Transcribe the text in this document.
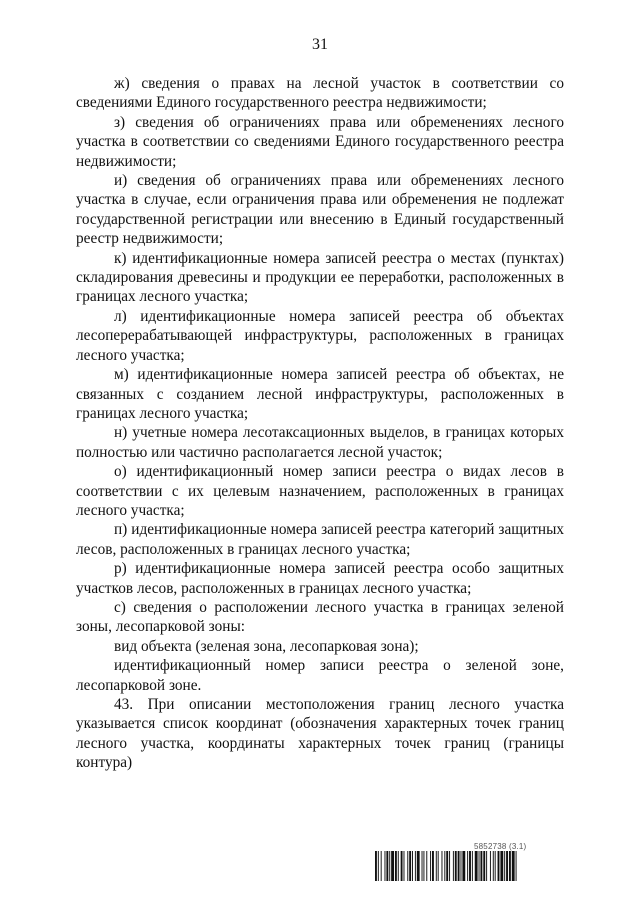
31

ж) сведения о правах на лесной участок в соответствии со сведениями Единого государственного реестра недвижимости;

з) сведения об ограничениях права или обременениях лесного участка в соответствии со сведениями Единого государственного реестра недвижимости;

и) сведения об ограничениях права или обременениях лесного участка в случае, если ограничения права или обременения не подлежат государственной регистрации или внесению в Единый государственный реестр недвижимости;

к) идентификационные номера записей реестра о местах (пунктах) складирования древесины и продукции ее переработки, расположенных в границах лесного участка;

л) идентификационные номера записей реестра об объектах лесоперерабатывающей инфраструктуры, расположенных в границах лесного участка;

м) идентификационные номера записей реестра об объектах, не связанных с созданием лесной инфраструктуры, расположенных в границах лесного участка;

н) учетные номера лесотаксационных выделов, в границах которых полностью или частично располагается лесной участок;

о) идентификационный номер записи реестра о видах лесов в соответствии с их целевым назначением, расположенных в границах лесного участка;

п) идентификационные номера записей реестра категорий защитных лесов, расположенных в границах лесного участка;

р) идентификационные номера записей реестра особо защитных участков лесов, расположенных в границах лесного участка;

с) сведения о расположении лесного участка в границах зеленой зоны, лесопарковой зоны:

вид объекта (зеленая зона, лесопарковая зона);

идентификационный номер записи реестра о зеленой зоне, лесопарковой зоне.

43. При описании местоположения границ лесного участка указывается список координат (обозначения характерных точек границ лесного участка, координаты характерных точек границ (границы контура)

5852738 (3.1)
